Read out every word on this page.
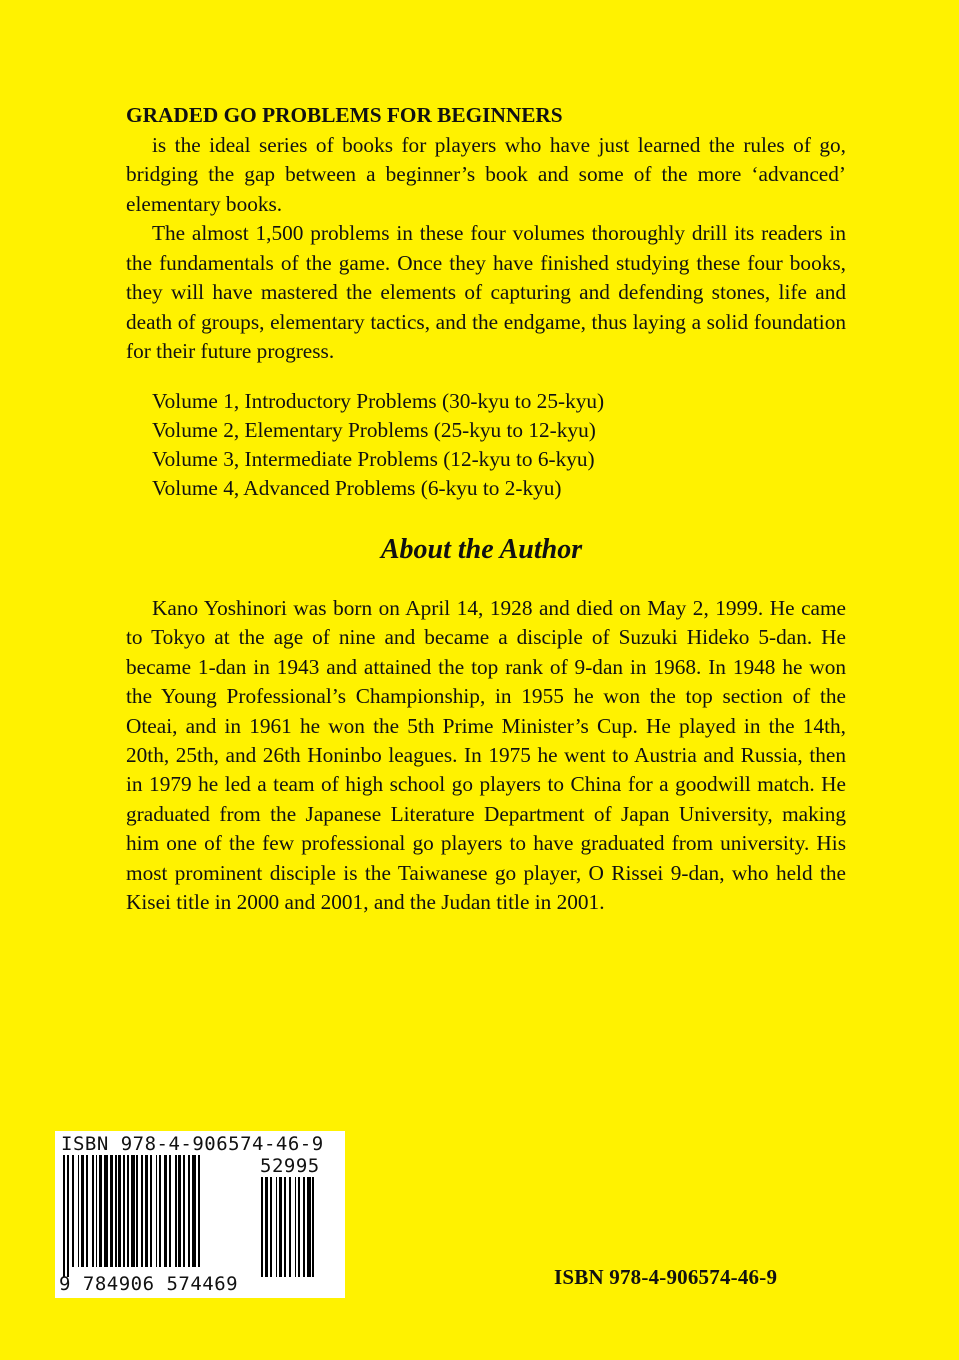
GRADED GO PROBLEMS FOR BEGINNERS

is the ideal series of books for players who have just learned the rules of go, bridging the gap between a beginner’s book and some of the more ‘advanced’ elementary books.

The almost 1,500 problems in these four volumes thoroughly drill its readers in the fundamentals of the game. Once they have finished studying these four books, they will have mastered the elements of capturing and defending stones, life and death of groups, elementary tactics, and the endgame, thus laying a solid foundation for their future progress.

Volume 1, Introductory Problems (30-kyu to 25-kyu)

Volume 2, Elementary Problems (25-kyu to 12-kyu)

Volume 3, Intermediate Problems (12-kyu to 6-kyu)

Volume 4, Advanced Problems (6-kyu to 2-kyu)

About the Author

Kano Yoshinori was born on April 14, 1928 and died on May 2, 1999. He came to Tokyo at the age of nine and became a disciple of Suzuki Hideko 5-dan. He became 1-dan in 1943 and attained the top rank of 9-dan in 1968. In 1948 he won the Young Professional’s Championship, in 1955 he won the top section of the Oteai, and in 1961 he won the 5th Prime Minister’s Cup. He played in the 14th, 20th, 25th, and 26th Honinbo leagues. In 1975 he went to Austria and Russia, then in 1979 he led a team of high school go players to China for a goodwill match. He graduated from the Japanese Literature Department of Japan University, making him one of the few professional go players to have graduated from university. His most prominent disciple is the Taiwanese go player, O Rissei 9-dan, who held the Kisei title in 2000 and 2001, and the Judan title in 2001.

ISBN 978-4-906574-46-9
52995
9 784906 574469	ISBN 978-4-906574-46-9
